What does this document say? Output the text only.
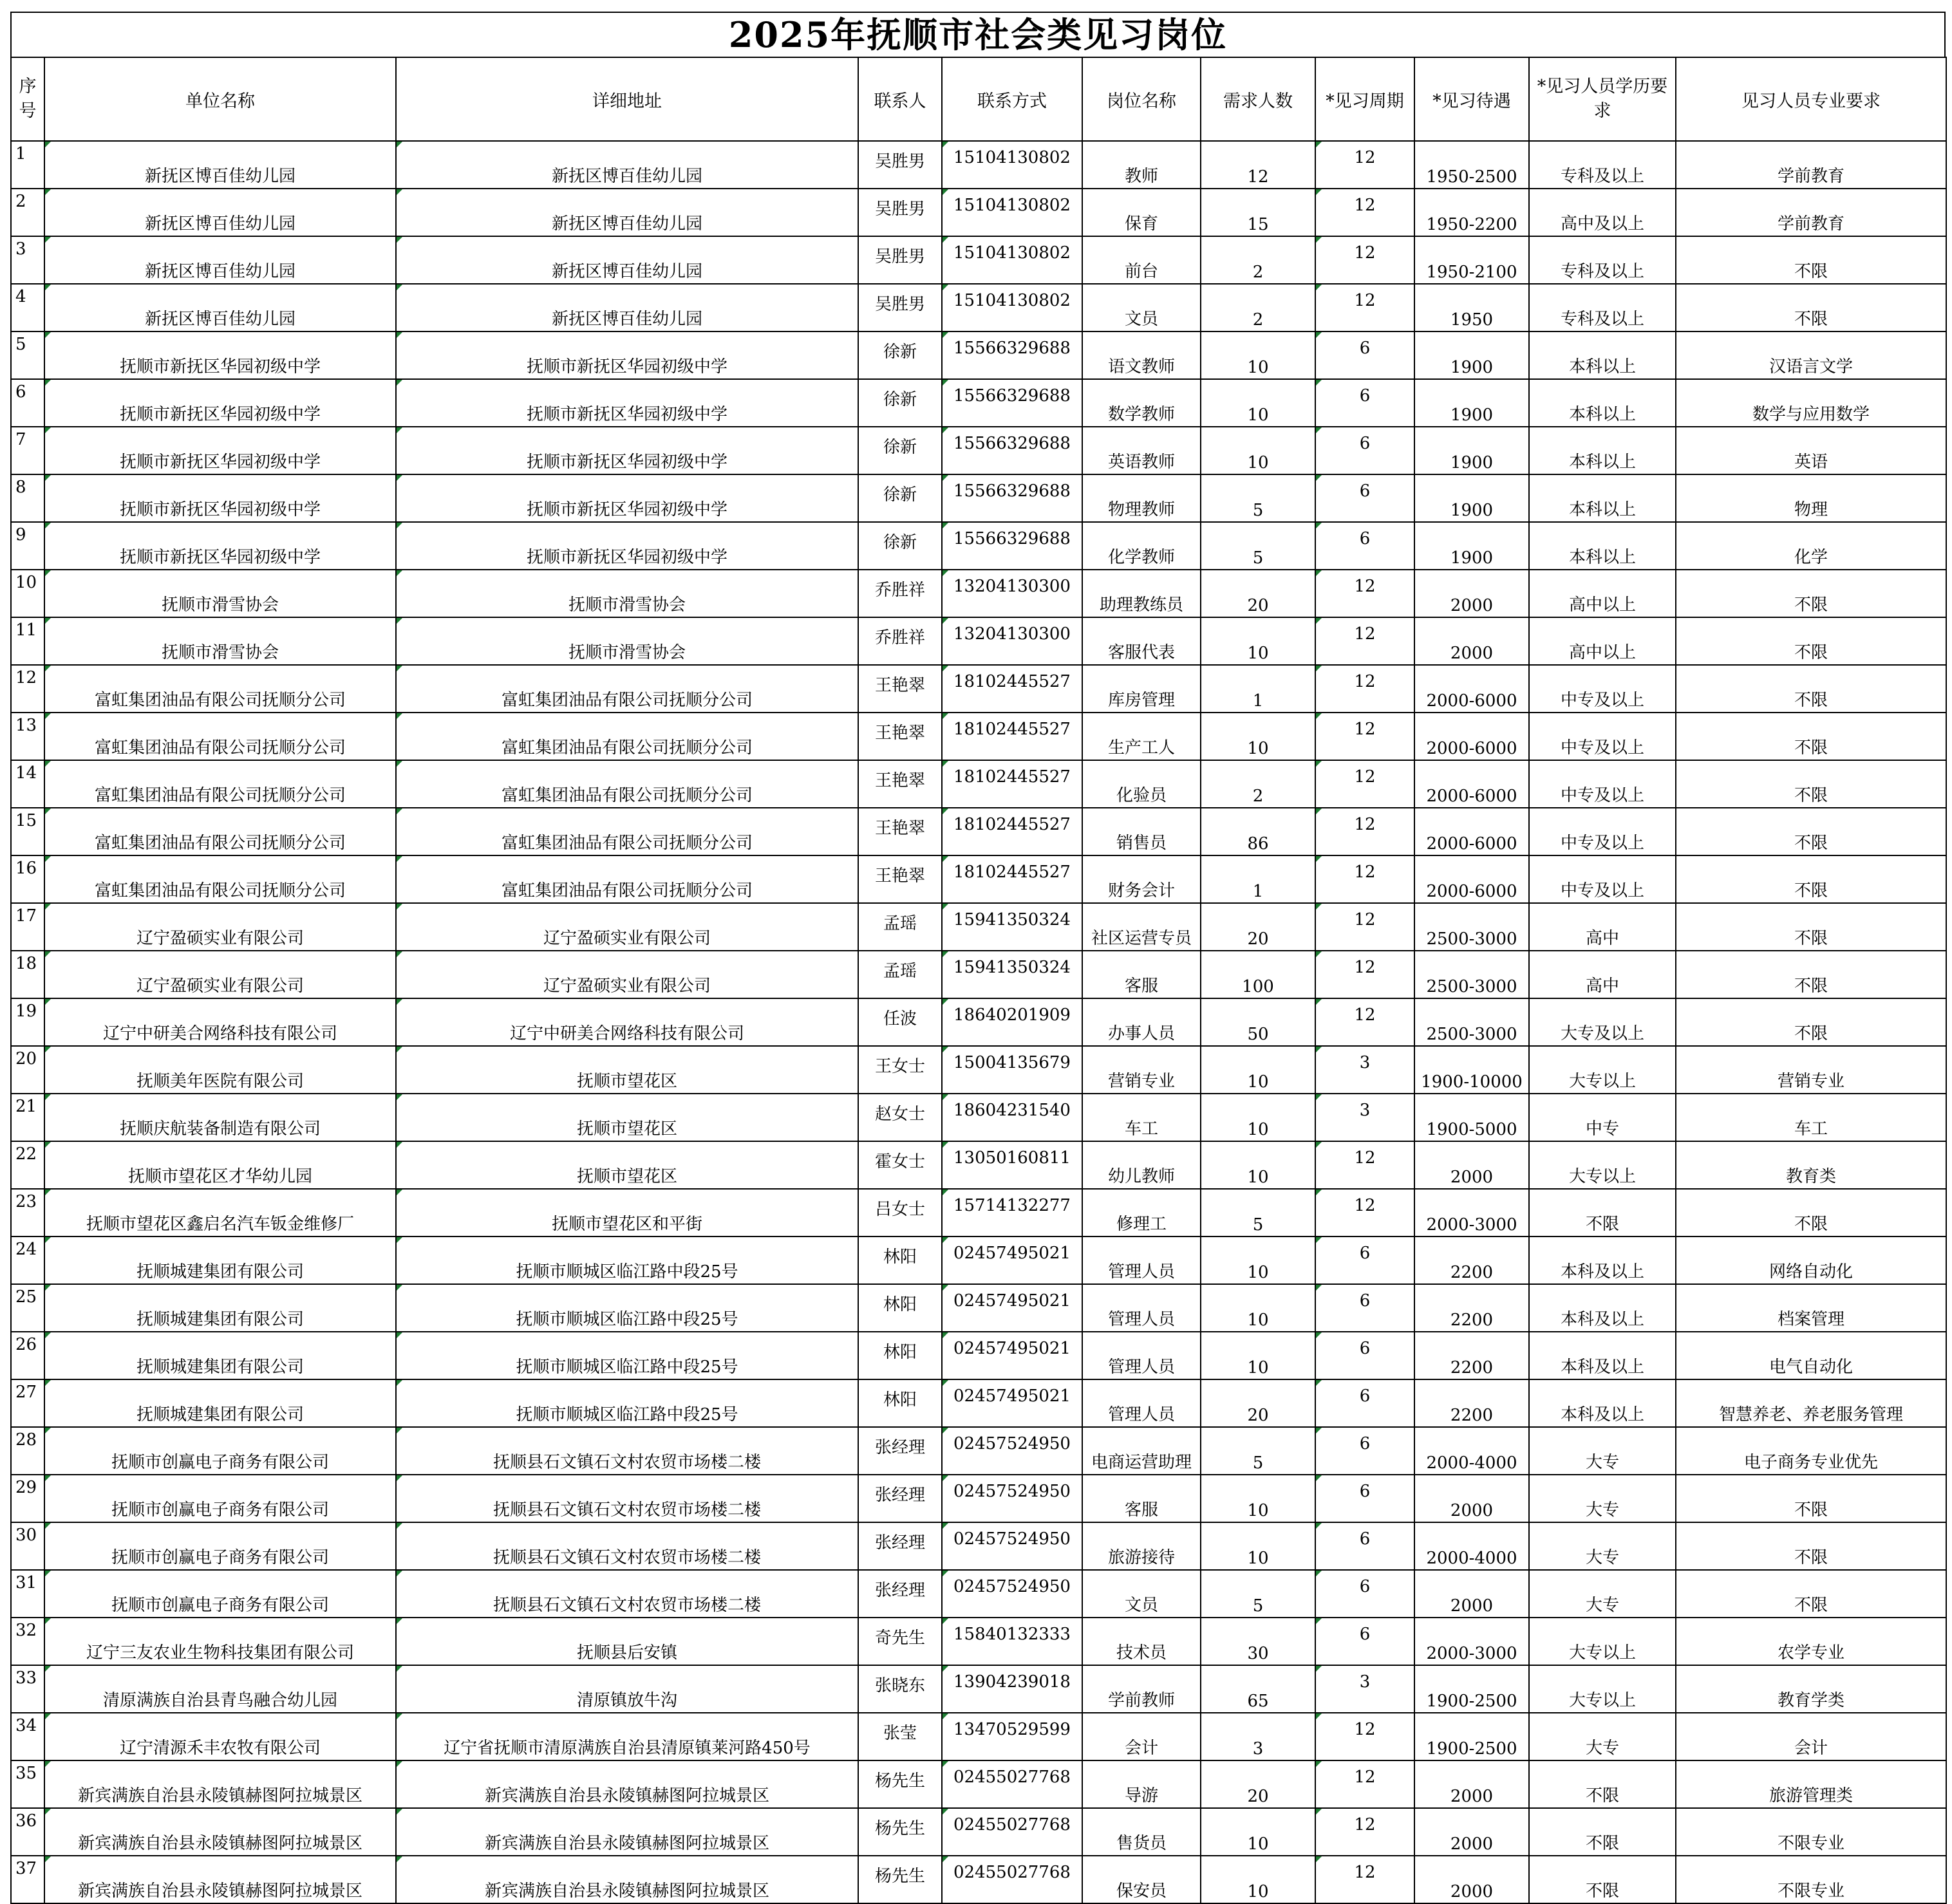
2025年抚顺市社会类见习岗位
序号	单位名称	详细地址	联系人	联系方式	岗位名称	需求人数	*见习周期	*见习待遇	*见习人员学历要求	见习人员专业要求
1	新抚区博百佳幼儿园	新抚区博百佳幼儿园	吴胜男	15104130802	教师	12	12	1950-2500	专科及以上	学前教育
2	新抚区博百佳幼儿园	新抚区博百佳幼儿园	吴胜男	15104130802	保育	15	12	1950-2200	高中及以上	学前教育
3	新抚区博百佳幼儿园	新抚区博百佳幼儿园	吴胜男	15104130802	前台	2	12	1950-2100	专科及以上	不限
4	新抚区博百佳幼儿园	新抚区博百佳幼儿园	吴胜男	15104130802	文员	2	12	1950	专科及以上	不限
5	抚顺市新抚区华园初级中学	抚顺市新抚区华园初级中学	徐新	15566329688	语文教师	10	6	1900	本科以上	汉语言文学
6	抚顺市新抚区华园初级中学	抚顺市新抚区华园初级中学	徐新	15566329688	数学教师	10	6	1900	本科以上	数学与应用数学
7	抚顺市新抚区华园初级中学	抚顺市新抚区华园初级中学	徐新	15566329688	英语教师	10	6	1900	本科以上	英语
8	抚顺市新抚区华园初级中学	抚顺市新抚区华园初级中学	徐新	15566329688	物理教师	5	6	1900	本科以上	物理
9	抚顺市新抚区华园初级中学	抚顺市新抚区华园初级中学	徐新	15566329688	化学教师	5	6	1900	本科以上	化学
10	抚顺市滑雪协会	抚顺市滑雪协会	乔胜祥	13204130300	助理教练员	20	12	2000	高中以上	不限
11	抚顺市滑雪协会	抚顺市滑雪协会	乔胜祥	13204130300	客服代表	10	12	2000	高中以上	不限
12	富虹集团油品有限公司抚顺分公司	富虹集团油品有限公司抚顺分公司	王艳翠	18102445527	库房管理	1	12	2000-6000	中专及以上	不限
13	富虹集团油品有限公司抚顺分公司	富虹集团油品有限公司抚顺分公司	王艳翠	18102445527	生产工人	10	12	2000-6000	中专及以上	不限
14	富虹集团油品有限公司抚顺分公司	富虹集团油品有限公司抚顺分公司	王艳翠	18102445527	化验员	2	12	2000-6000	中专及以上	不限
15	富虹集团油品有限公司抚顺分公司	富虹集团油品有限公司抚顺分公司	王艳翠	18102445527	销售员	86	12	2000-6000	中专及以上	不限
16	富虹集团油品有限公司抚顺分公司	富虹集团油品有限公司抚顺分公司	王艳翠	18102445527	财务会计	1	12	2000-6000	中专及以上	不限
17	辽宁盈硕实业有限公司	辽宁盈硕实业有限公司	孟瑶	15941350324	社区运营专员	20	12	2500-3000	高中	不限
18	辽宁盈硕实业有限公司	辽宁盈硕实业有限公司	孟瑶	15941350324	客服	100	12	2500-3000	高中	不限
19	辽宁中研美合网络科技有限公司	辽宁中研美合网络科技有限公司	任波	18640201909	办事人员	50	12	2500-3000	大专及以上	不限
20	抚顺美年医院有限公司	抚顺市望花区	王女士	15004135679	营销专业	10	3	1900-10000	大专以上	营销专业
21	抚顺庆航装备制造有限公司	抚顺市望花区	赵女士	18604231540	车工	10	3	1900-5000	中专	车工
22	抚顺市望花区才华幼儿园	抚顺市望花区	霍女士	13050160811	幼儿教师	10	12	2000	大专以上	教育类
23	抚顺市望花区鑫启名汽车钣金维修厂	抚顺市望花区和平街	吕女士	15714132277	修理工	5	12	2000-3000	不限	不限
24	抚顺城建集团有限公司	抚顺市顺城区临江路中段25号	林阳	02457495021	管理人员	10	6	2200	本科及以上	网络自动化
25	抚顺城建集团有限公司	抚顺市顺城区临江路中段25号	林阳	02457495021	管理人员	10	6	2200	本科及以上	档案管理
26	抚顺城建集团有限公司	抚顺市顺城区临江路中段25号	林阳	02457495021	管理人员	10	6	2200	本科及以上	电气自动化
27	抚顺城建集团有限公司	抚顺市顺城区临江路中段25号	林阳	02457495021	管理人员	20	6	2200	本科及以上	智慧养老、养老服务管理
28	抚顺市创赢电子商务有限公司	抚顺县石文镇石文村农贸市场楼二楼	张经理	02457524950	电商运营助理	5	6	2000-4000	大专	电子商务专业优先
29	抚顺市创赢电子商务有限公司	抚顺县石文镇石文村农贸市场楼二楼	张经理	02457524950	客服	10	6	2000	大专	不限
30	抚顺市创赢电子商务有限公司	抚顺县石文镇石文村农贸市场楼二楼	张经理	02457524950	旅游接待	10	6	2000-4000	大专	不限
31	抚顺市创赢电子商务有限公司	抚顺县石文镇石文村农贸市场楼二楼	张经理	02457524950	文员	5	6	2000	大专	不限
32	辽宁三友农业生物科技集团有限公司	抚顺县后安镇	奇先生	15840132333	技术员	30	6	2000-3000	大专以上	农学专业
33	清原满族自治县青鸟融合幼儿园	清原镇放牛沟	张晓东	13904239018	学前教师	65	3	1900-2500	大专以上	教育学类
34	辽宁清源禾丰农牧有限公司	辽宁省抚顺市清原满族自治县清原镇莱河路450号	张莹	13470529599	会计	3	12	1900-2500	大专	会计
35	新宾满族自治县永陵镇赫图阿拉城景区	新宾满族自治县永陵镇赫图阿拉城景区	杨先生	02455027768	导游	20	12	2000	不限	旅游管理类
36	新宾满族自治县永陵镇赫图阿拉城景区	新宾满族自治县永陵镇赫图阿拉城景区	杨先生	02455027768	售货员	10	12	2000	不限	不限专业
37	新宾满族自治县永陵镇赫图阿拉城景区	新宾满族自治县永陵镇赫图阿拉城景区	杨先生	02455027768	保安员	10	12	2000	不限	不限专业
